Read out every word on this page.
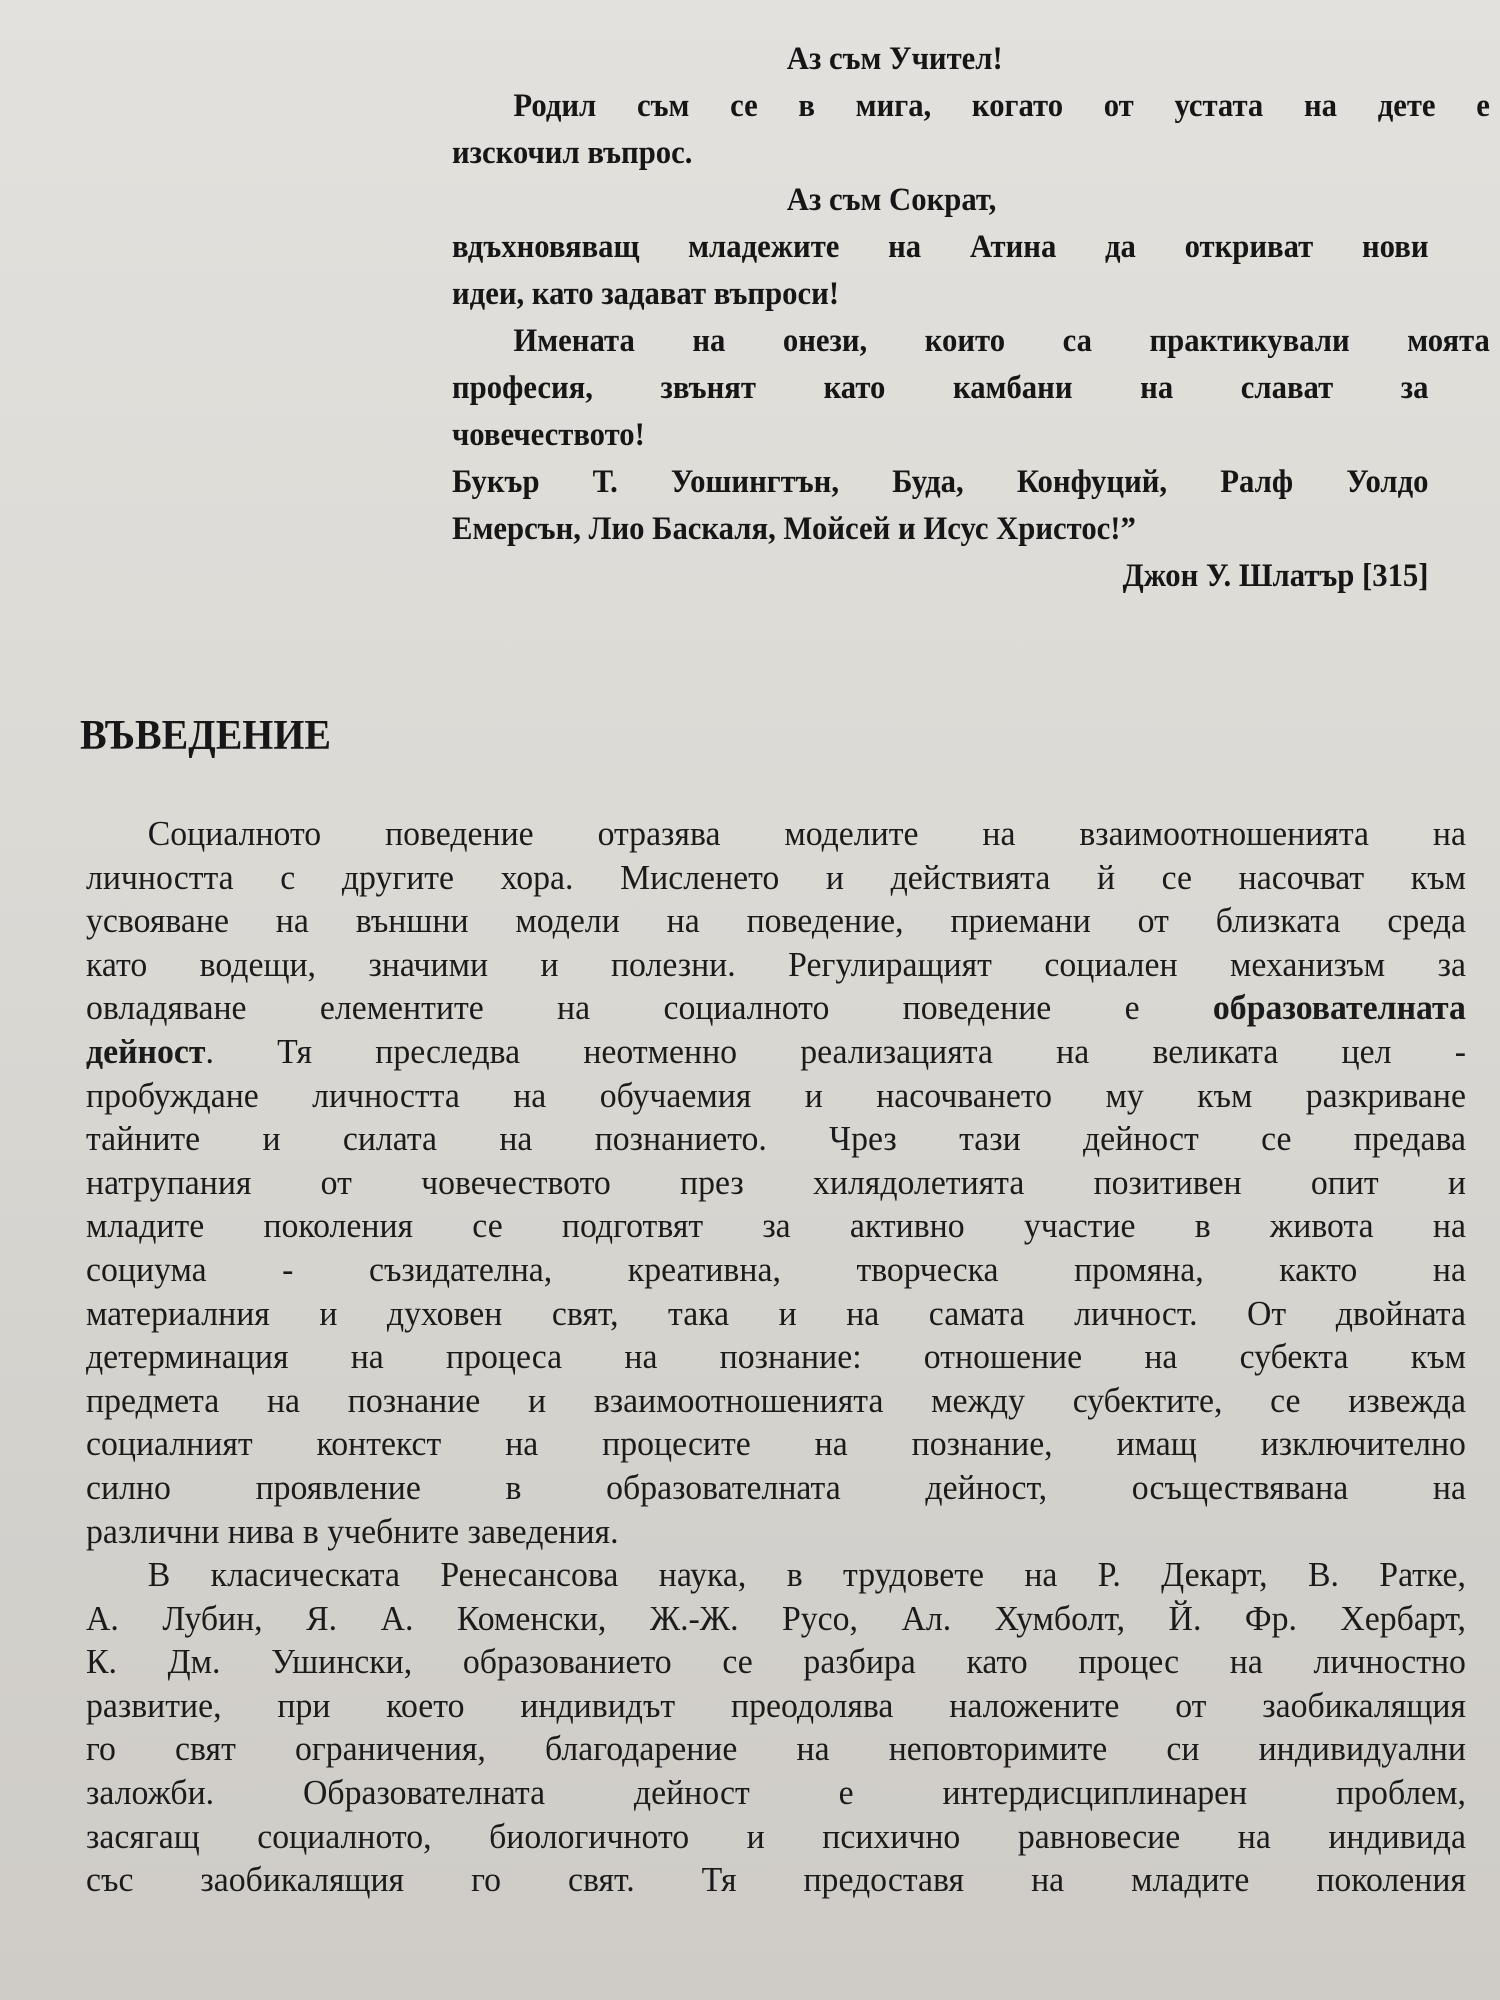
Аз съм Учител!
Родил съм се в мига, когато от устата на дете е
изскочил въпрос.
Аз съм Сократ,
вдъхновяващ младежите на Атина да откриват нови
идеи, като задават въпроси!
Имената на онези, които са практикували моята
професия, звънят като камбани на слават за
човечеството!
Букър Т. Уошингтън, Буда, Конфуций, Ралф Уолдо
Емерсън, Лио Баскаля, Мойсей и Исус Христос!”
Джон У. Шлатър [315]
ВЪВЕДЕНИЕ
Социалното поведение отразява моделите на взаимоотношенията на
личността с другите хора. Мисленето и действията й се насочват към
усвояване на външни модели на поведение, приемани от близката среда
като водещи, значими и полезни. Регулиращият социален механизъм за
овладяване елементите на социалното поведение е образователната
дейност. Тя преследва неотменно реализацията на великата цел -
пробуждане личността на обучаемия и насочването му към разкриване
тайните и силата на познанието. Чрез тази дейност се предава
натрупания от човечеството през хилядолетията позитивен опит и
младите поколения се подготвят за активно участие в живота на
социума - съзидателна, креативна, творческа промяна, както на
материалния и духовен свят, така и на самата личност. От двойната
детерминация на процеса на познание: отношение на субекта към
предмета на познание и взаимоотношенията между субектите, се извежда
социалният контекст на процесите на познание, имащ изключително
силно проявление в образователната дейност, осъществявана на
различни нива в учебните заведения.
В класическата Ренесансова наука, в трудовете на Р. Декарт, В. Ратке,
А. Лубин, Я. А. Коменски, Ж.-Ж. Русо, Ал. Хумболт, Й. Фр. Хербарт,
К. Дм. Ушински, образованието се разбира като процес на личностно
развитие, при което индивидът преодолява наложените от заобикалящия
го свят ограничения, благодарение на неповторимите си индивидуални
заложби. Образователната дейност е интердисциплинарен проблем,
засягащ социалното, биологичното и психично равновесие на индивида
със заобикалящия го свят. Тя предоставя на младите поколения
